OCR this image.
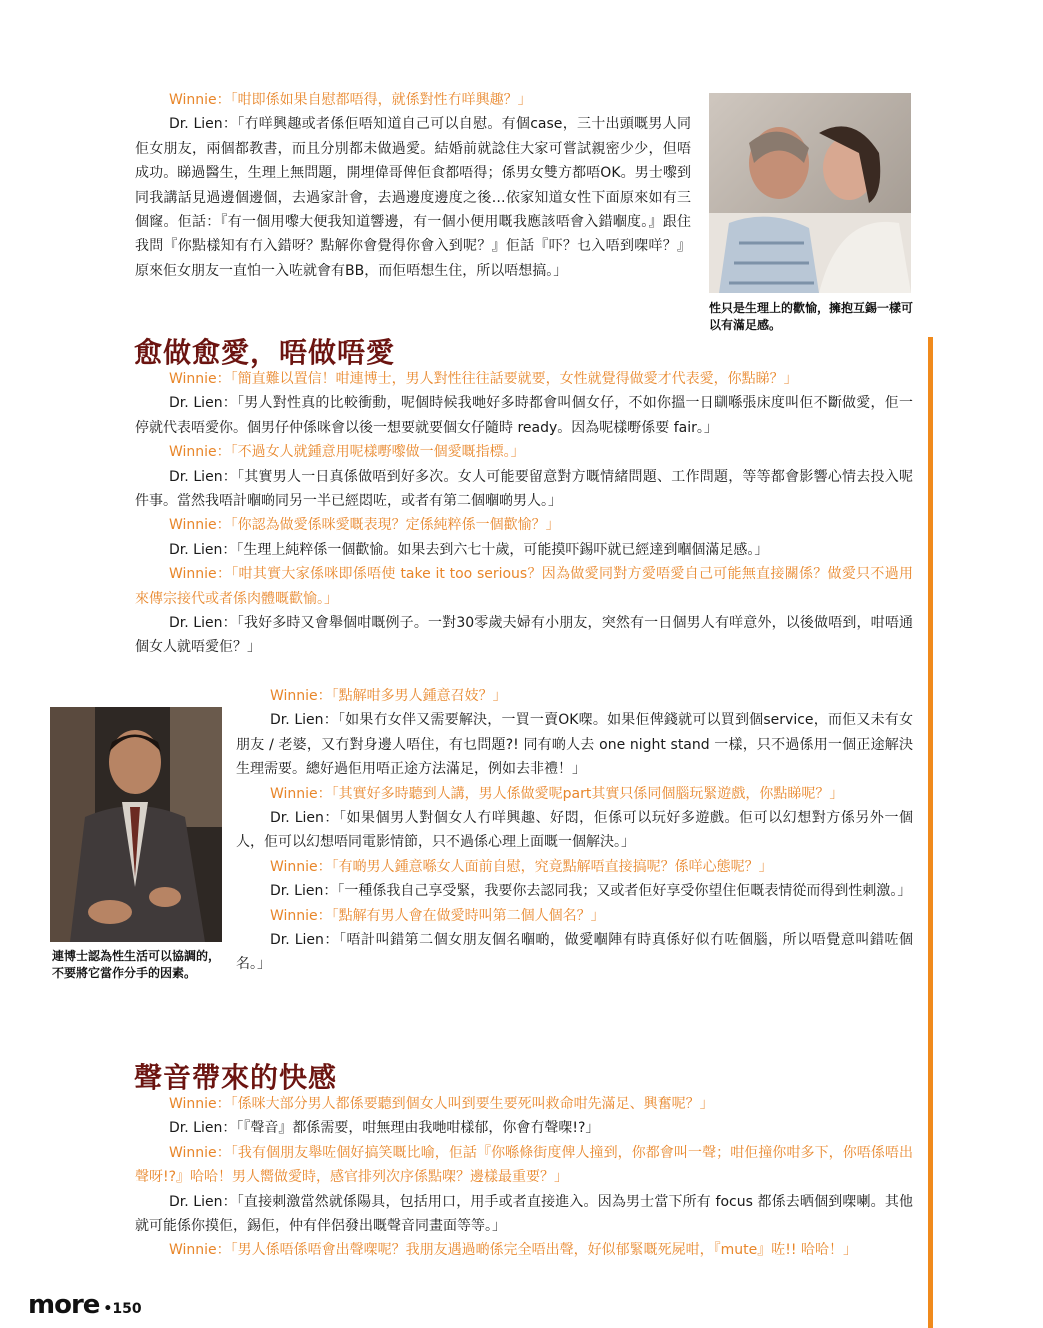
Winnie：「咁即係如果自慰都唔得，就係對性冇咩興趣？」

Dr. Lien：「冇咩興趣或者係佢唔知道自己可以自慰。有個case，三十出頭嘅男人同佢女朋友，兩個都教書，而且分別都未做過愛。結婚前就諗住大家可嘗試親密少少，但唔成功。睇過醫生，生理上無問題，開埋偉哥俾佢食都唔得；係男女雙方都唔OK。男士嚟到同我講話見過邊個邊個，去過家計會，去過邊度邊度之後…依家知道女性下面原來如有三個窿。佢話：『有一個用嚟大便我知道響邊，有一個小便用嘅我應該唔會入錯嗰度。』跟住我問『你點樣知有冇入錯呀？點解你會覺得你會入到呢？』佢話『吓？乜入唔到㗎咩？』原來佢女朋友一直怕一入咗就會有BB，而佢唔想生住，所以唔想搞。」

性只是生理上的歡愉，擁抱互錫一樣可以有滿足感。
愈做愈愛，唔做唔愛

Winnie：「簡直難以置信！咁連博士，男人對性往往話要就要，女性就覺得做愛才代表愛，你點睇？」

Dr. Lien：「男人對性真的比較衝動，呢個時候我哋好多時都會叫個女仔，不如你搵一日瞓喺張床度叫佢不斷做愛，佢一停就代表唔愛你。個男仔仲係咪會以後一想要就要個女仔隨時 ready。因為呢樣嘢係要 fair。」

Winnie：「不過女人就鍾意用呢樣嘢嚟做一個愛嘅指標。」

Dr. Lien：「其實男人一日真係做唔到好多次。女人可能要留意對方嘅情緒問題、工作問題，等等都會影響心情去投入呢件事。當然我唔計嗰啲同另一半已經悶咗，或者有第二個嗰啲男人。」

Winnie：「你認為做愛係咪愛嘅表現？定係純粹係一個歡愉？」

Dr. Lien：「生理上純粹係一個歡愉。如果去到六七十歲，可能摸吓錫吓就已經達到嗰個滿足感。」

Winnie：「咁其實大家係咪即係唔使 take it too serious？因為做愛同對方愛唔愛自己可能無直接關係？做愛只不過用來傳宗接代或者係肉體嘅歡愉。」

Dr. Lien：「我好多時又會舉個咁嘅例子。一對30零歲夫婦有小朋友，突然有一日個男人有咩意外，以後做唔到，咁唔通個女人就唔愛佢？」

連博士認為性生活可以協調的，不要將它當作分手的因素。

Winnie：「點解咁多男人鍾意召妓？」

Dr. Lien：「如果冇女伴又需要解決，一買一賣OK㗎。如果佢俾錢就可以買到個service，而佢又未有女朋友 / 老婆，又冇對身邊人唔住，有乜問題?! 同有啲人去 one night stand 一樣，只不過係用一個正途解決生理需要。總好過佢用唔正途方法滿足，例如去非禮！」

Winnie：「其實好多時聽到人講，男人係做愛呢part其實只係同個腦玩緊遊戲，你點睇呢？」

Dr. Lien：「如果個男人對個女人冇咩興趣、好悶，佢係可以玩好多遊戲。佢可以幻想對方係另外一個人，佢可以幻想唔同電影情節，只不過係心理上面嘅一個解決。」

Winnie：「有啲男人鍾意喺女人面前自慰，究竟點解唔直接搞呢？係咩心態呢？」

Dr. Lien：「一種係我自己享受緊，我要你去認同我；又或者佢好享受你望住佢嘅表情從而得到性刺激。」

Winnie：「點解有男人會在做愛時叫第二個人個名？」

Dr. Lien：「唔計叫錯第二個女朋友個名嗰啲，做愛嗰陣有時真係好似冇咗個腦，所以唔覺意叫錯咗個名。」

聲音帶來的快感

Winnie：「係咪大部分男人都係要聽到個女人叫到要生要死叫救命咁先滿足、興奮呢？」

Dr. Lien：「『聲音』都係需要，咁無理由我哋咁樣郁，你會冇聲㗎!?」

Winnie：「我有個朋友舉咗個好搞笑嘅比喻，佢話『你喺條街度俾人撞到，你都會叫一聲；咁佢撞你咁多下，你唔係唔出聲呀!?』哈哈！男人嚮做愛時，感官排列次序係點㗎？邊樣最重要？」

Dr. Lien：「直接刺激當然就係陽具，包括用口，用手或者直接進入。因為男士當下所有 focus 都係去晒個到㗎喇。其他就可能係你摸佢，錫佢，仲有伴侶發出嘅聲音同畫面等等。」

Winnie：「男人係唔係唔會出聲㗎呢？我朋友遇過啲係完全唔出聲，好似郁緊嘅死屍咁，『mute』咗!! 哈哈！」

more •150
